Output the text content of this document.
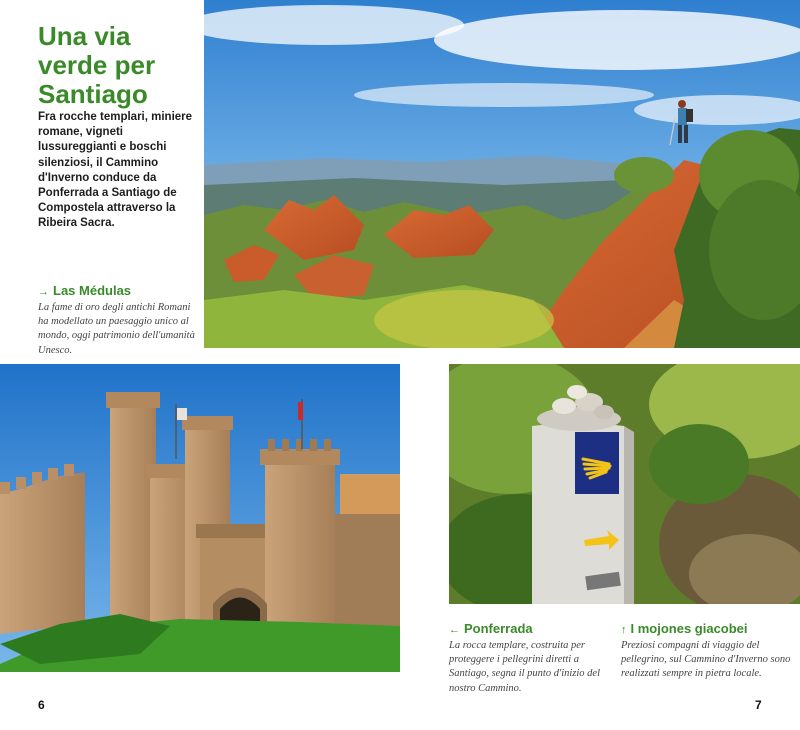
Una via verde per Santiago

Fra rocche templari, miniere romane, vigneti lussureggianti e boschi silenziosi, il Cammino d'Inverno conduce da Ponferrada a Santiago de Compostela attraverso la Ribeira Sacra.

→ Las Médulas

La fame di oro degli antichi Romani ha modellato un paesaggio unico al mondo, oggi patrimonio dell'umanità Unesco.

← Ponferrada

La rocca templare, costruita per proteggere i pellegrini diretti a Santiago, segna il punto d'inizio del nostro Cammino.

↑ I mojones giacobei

Preziosi compagni di viaggio del pellegrino, sul Cammino d'Inverno sono realizzati sempre in pietra locale.

6	7
